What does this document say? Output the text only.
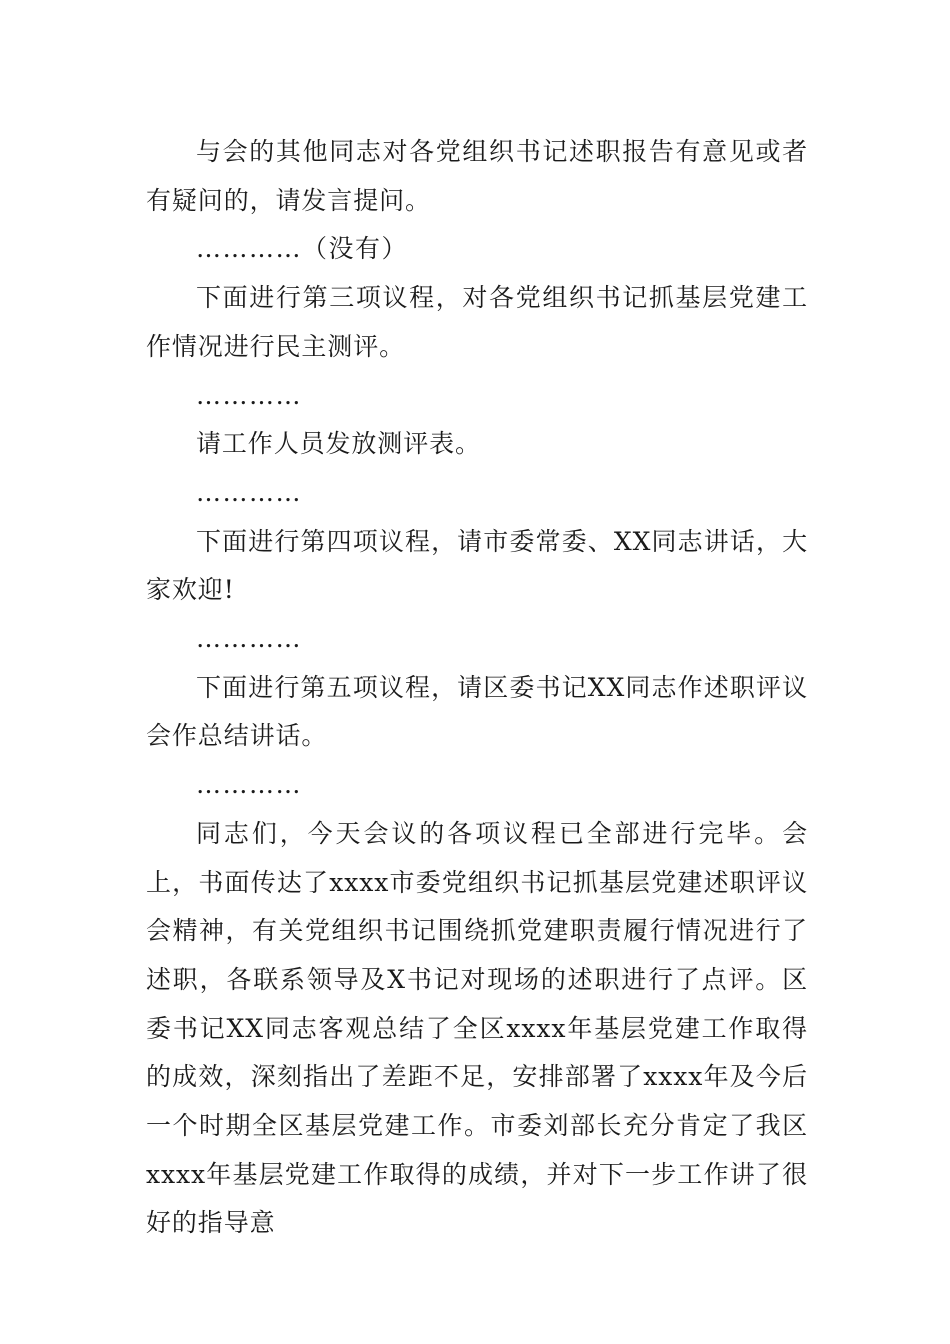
与会的其他同志对各党组织书记述职报告有意见或者有疑问的，请发言提问。

…………（没有）

下面进行第三项议程，对各党组织书记抓基层党建工作情况进行民主测评。

…………

请工作人员发放测评表。

…………

下面进行第四项议程，请市委常委、XX同志讲话，大家欢迎!

…………

下面进行第五项议程，请区委书记XX同志作述职评议会作总结讲话。

…………

同志们，今天会议的各项议程已全部进行完毕。会上，书面传达了xxxx市委党组织书记抓基层党建述职评议会精神，有关党组织书记围绕抓党建职责履行情况进行了述职，各联系领导及X书记对现场的述职进行了点评。区委书记XX同志客观总结了全区xxxx年基层党建工作取得的成效，深刻指出了差距不足，安排部署了xxxx年及今后一个时期全区基层党建工作。市委刘部长充分肯定了我区xxxx年基层党建工作取得的成绩，并对下一步工作讲了很好的指导意
